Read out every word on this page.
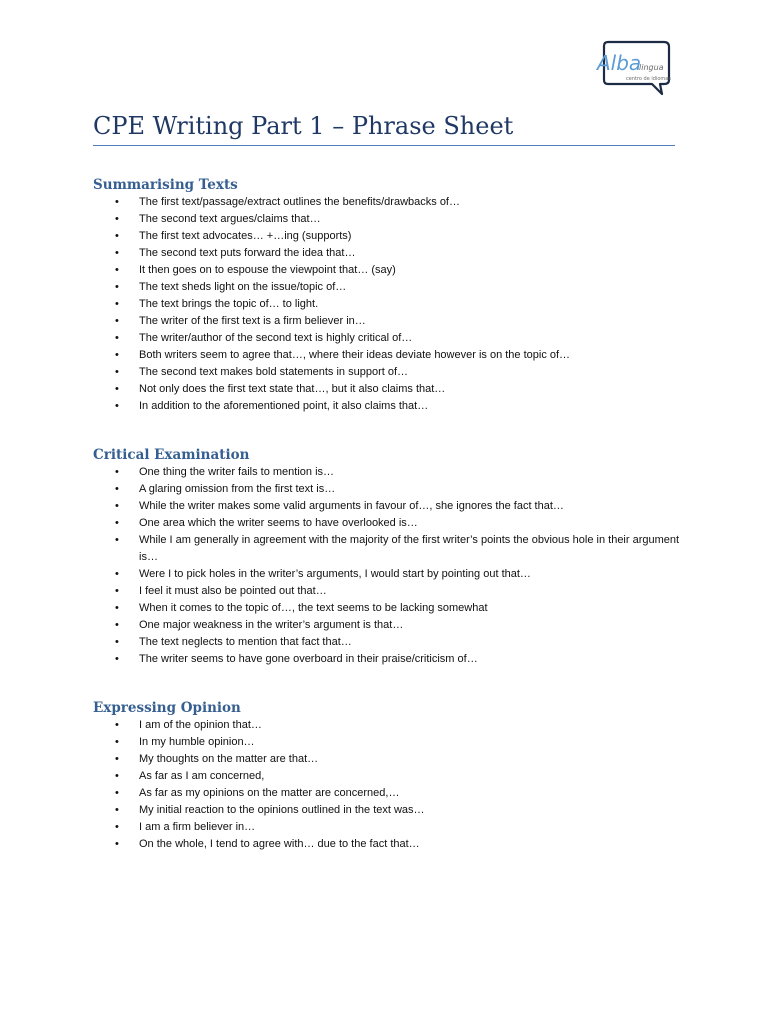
Alba
lingua
centro de idiomas
CPE Writing Part 1 – Phrase Sheet
Summarising Texts
• The first text/passage/extract outlines the benefits/drawbacks of…
• The second text argues/claims that…
• The first text advocates… +…ing (supports)
• The second text puts forward the idea that…
• It then goes on to espouse the viewpoint that… (say)
• The text sheds light on the issue/topic of…
• The text brings the topic of… to light.
• The writer of the first text is a firm believer in…
• The writer/author of the second text is highly critical of…
• Both writers seem to agree that…, where their ideas deviate however is on the topic of…
• The second text makes bold statements in support of…
• Not only does the first text state that…, but it also claims that…
• In addition to the aforementioned point, it also claims that…
Critical Examination
• One thing the writer fails to mention is…
• A glaring omission from the first text is…
• While the writer makes some valid arguments in favour of…, she ignores the fact that…
• One area which the writer seems to have overlooked is…
• While I am generally in agreement with the majority of the first writer’s points the obvious hole in their argument is…
• Were I to pick holes in the writer’s arguments, I would start by pointing out that…
• I feel it must also be pointed out that…
• When it comes to the topic of…, the text seems to be lacking somewhat
• One major weakness in the writer’s argument is that…
• The text neglects to mention that fact that…
• The writer seems to have gone overboard in their praise/criticism of…
Expressing Opinion
• I am of the opinion that…
• In my humble opinion…
• My thoughts on the matter are that…
• As far as I am concerned,
• As far as my opinions on the matter are concerned,…
• My initial reaction to the opinions outlined in the text was…
• I am a firm believer in…
• On the whole, I tend to agree with… due to the fact that…
